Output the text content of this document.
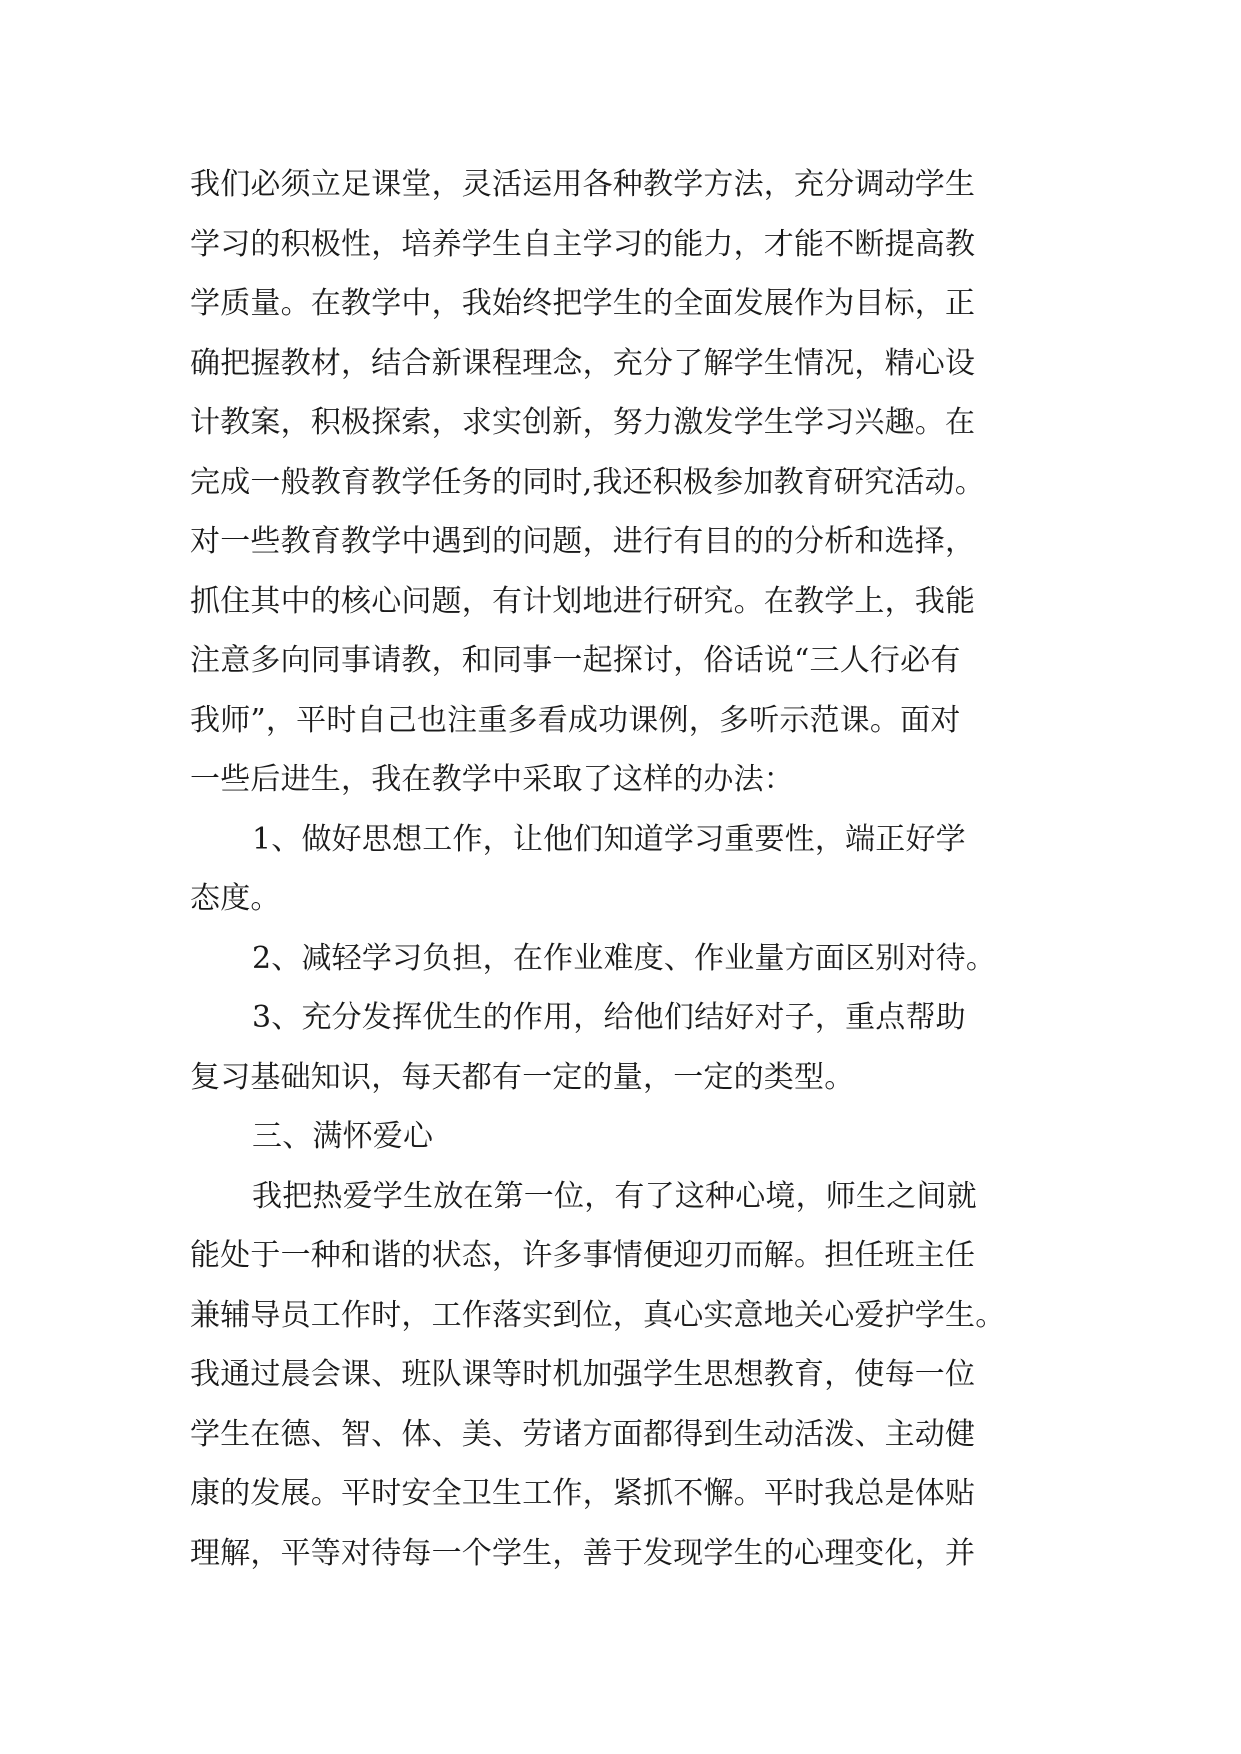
我们必须立足课堂，灵活运用各种教学方法，充分调动学生
学习的积极性，培养学生自主学习的能力，才能不断提高教
学质量。在教学中，我始终把学生的全面发展作为目标，正
确把握教材，结合新课程理念，充分了解学生情况，精心设
计教案，积极探索，求实创新，努力激发学生学习兴趣。在
完成一般教育教学任务的同时,我还积极参加教育研究活动。
对一些教育教学中遇到的问题，进行有目的的分析和选择，
抓住其中的核心问题，有计划地进行研究。在教学上，我能
注意多向同事请教，和同事一起探讨，俗话说“三人行必有
我师”，平时自己也注重多看成功课例，多听示范课。面对
一些后进生，我在教学中采取了这样的办法：
1、做好思想工作，让他们知道学习重要性，端正好学
态度。
2、减轻学习负担，在作业难度、作业量方面区别对待。
3、充分发挥优生的作用，给他们结好对子，重点帮助
复习基础知识，每天都有一定的量，一定的类型。
三、满怀爱心
我把热爱学生放在第一位，有了这种心境，师生之间就
能处于一种和谐的状态，许多事情便迎刃而解。担任班主任
兼辅导员工作时，工作落实到位，真心实意地关心爱护学生。
我通过晨会课、班队课等时机加强学生思想教育，使每一位
学生在德、智、体、美、劳诸方面都得到生动活泼、主动健
康的发展。平时安全卫生工作，紧抓不懈。平时我总是体贴
理解，平等对待每一个学生，善于发现学生的心理变化，并
